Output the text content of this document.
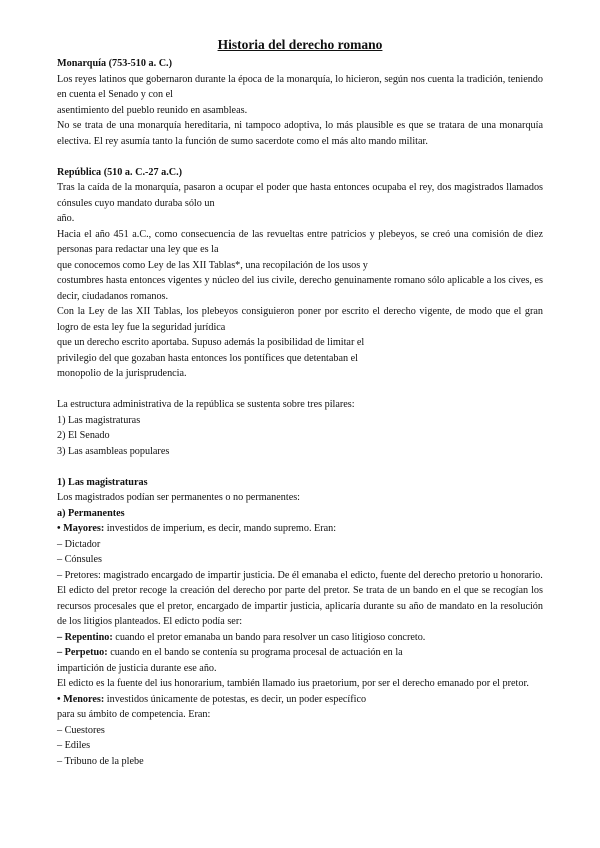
Historia del derecho romano

Monarquía (753-510 a. C.)

Los reyes latinos que gobernaron durante la época de la monarquía, lo hicieron, según nos cuenta la tradición, teniendo en cuenta el Senado y con el

asentimiento del pueblo reunido en asambleas.

No se trata de una monarquía hereditaria, ni tampoco adoptiva, lo más plausible es que se tratara de una monarquía electiva. El rey asumía tanto la función de sumo sacerdote como el más alto mando militar.

República (510 a. C.-27 a.C.)

Tras la caída de la monarquía, pasaron a ocupar el poder que hasta entonces ocupaba el rey, dos magistrados llamados cónsules cuyo mandato duraba sólo un

año.

Hacia el año 451 a.C., como consecuencia de las revueltas entre patricios y plebeyos, se creó una comisión de diez personas para redactar una ley que es la

que conocemos como Ley de las XII Tablas*, una recopilación de los usos y

costumbres hasta entonces vigentes y núcleo del ius civile, derecho genuinamente romano sólo aplicable a los cives, es decir, ciudadanos romanos.

Con la Ley de las XII Tablas, los plebeyos consiguieron poner por escrito el derecho vigente, de modo que el gran logro de esta ley fue la seguridad jurídica

que un derecho escrito aportaba. Supuso además la posibilidad de limitar el

privilegio del que gozaban hasta entonces los pontífices que detentaban el

monopolio de la jurisprudencia.

La estructura administrativa de la república se sustenta sobre tres pilares:

1) Las magistraturas

2) El Senado

3) Las asambleas populares

1) Las magistraturas

Los magistrados podían ser permanentes o no permanentes:

a) Permanentes

• Mayores: investidos de imperium, es decir, mando supremo. Eran:

– Dictador

– Cónsules

– Pretores: magistrado encargado de impartir justicia. De él emanaba el edicto, fuente del derecho pretorio u honorario.

El edicto del pretor recoge la creación del derecho por parte del pretor. Se trata de un bando en el que se recogían los recursos procesales que el pretor, encargado de impartir justicia, aplicaría durante su año de mandato en la resolución de los litigios planteados. El edicto podía ser:

– Repentino: cuando el pretor emanaba un bando para resolver un caso litigioso concreto.

– Perpetuo: cuando en el bando se contenía su programa procesal de actuación en la

impartición de justicia durante ese año.

El edicto es la fuente del ius honorarium, también llamado ius praetorium, por ser el derecho emanado por el pretor.

• Menores: investidos únicamente de potestas, es decir, un poder específico

para su ámbito de competencia. Eran:

– Cuestores

– Ediles

– Tribuno de la plebe
